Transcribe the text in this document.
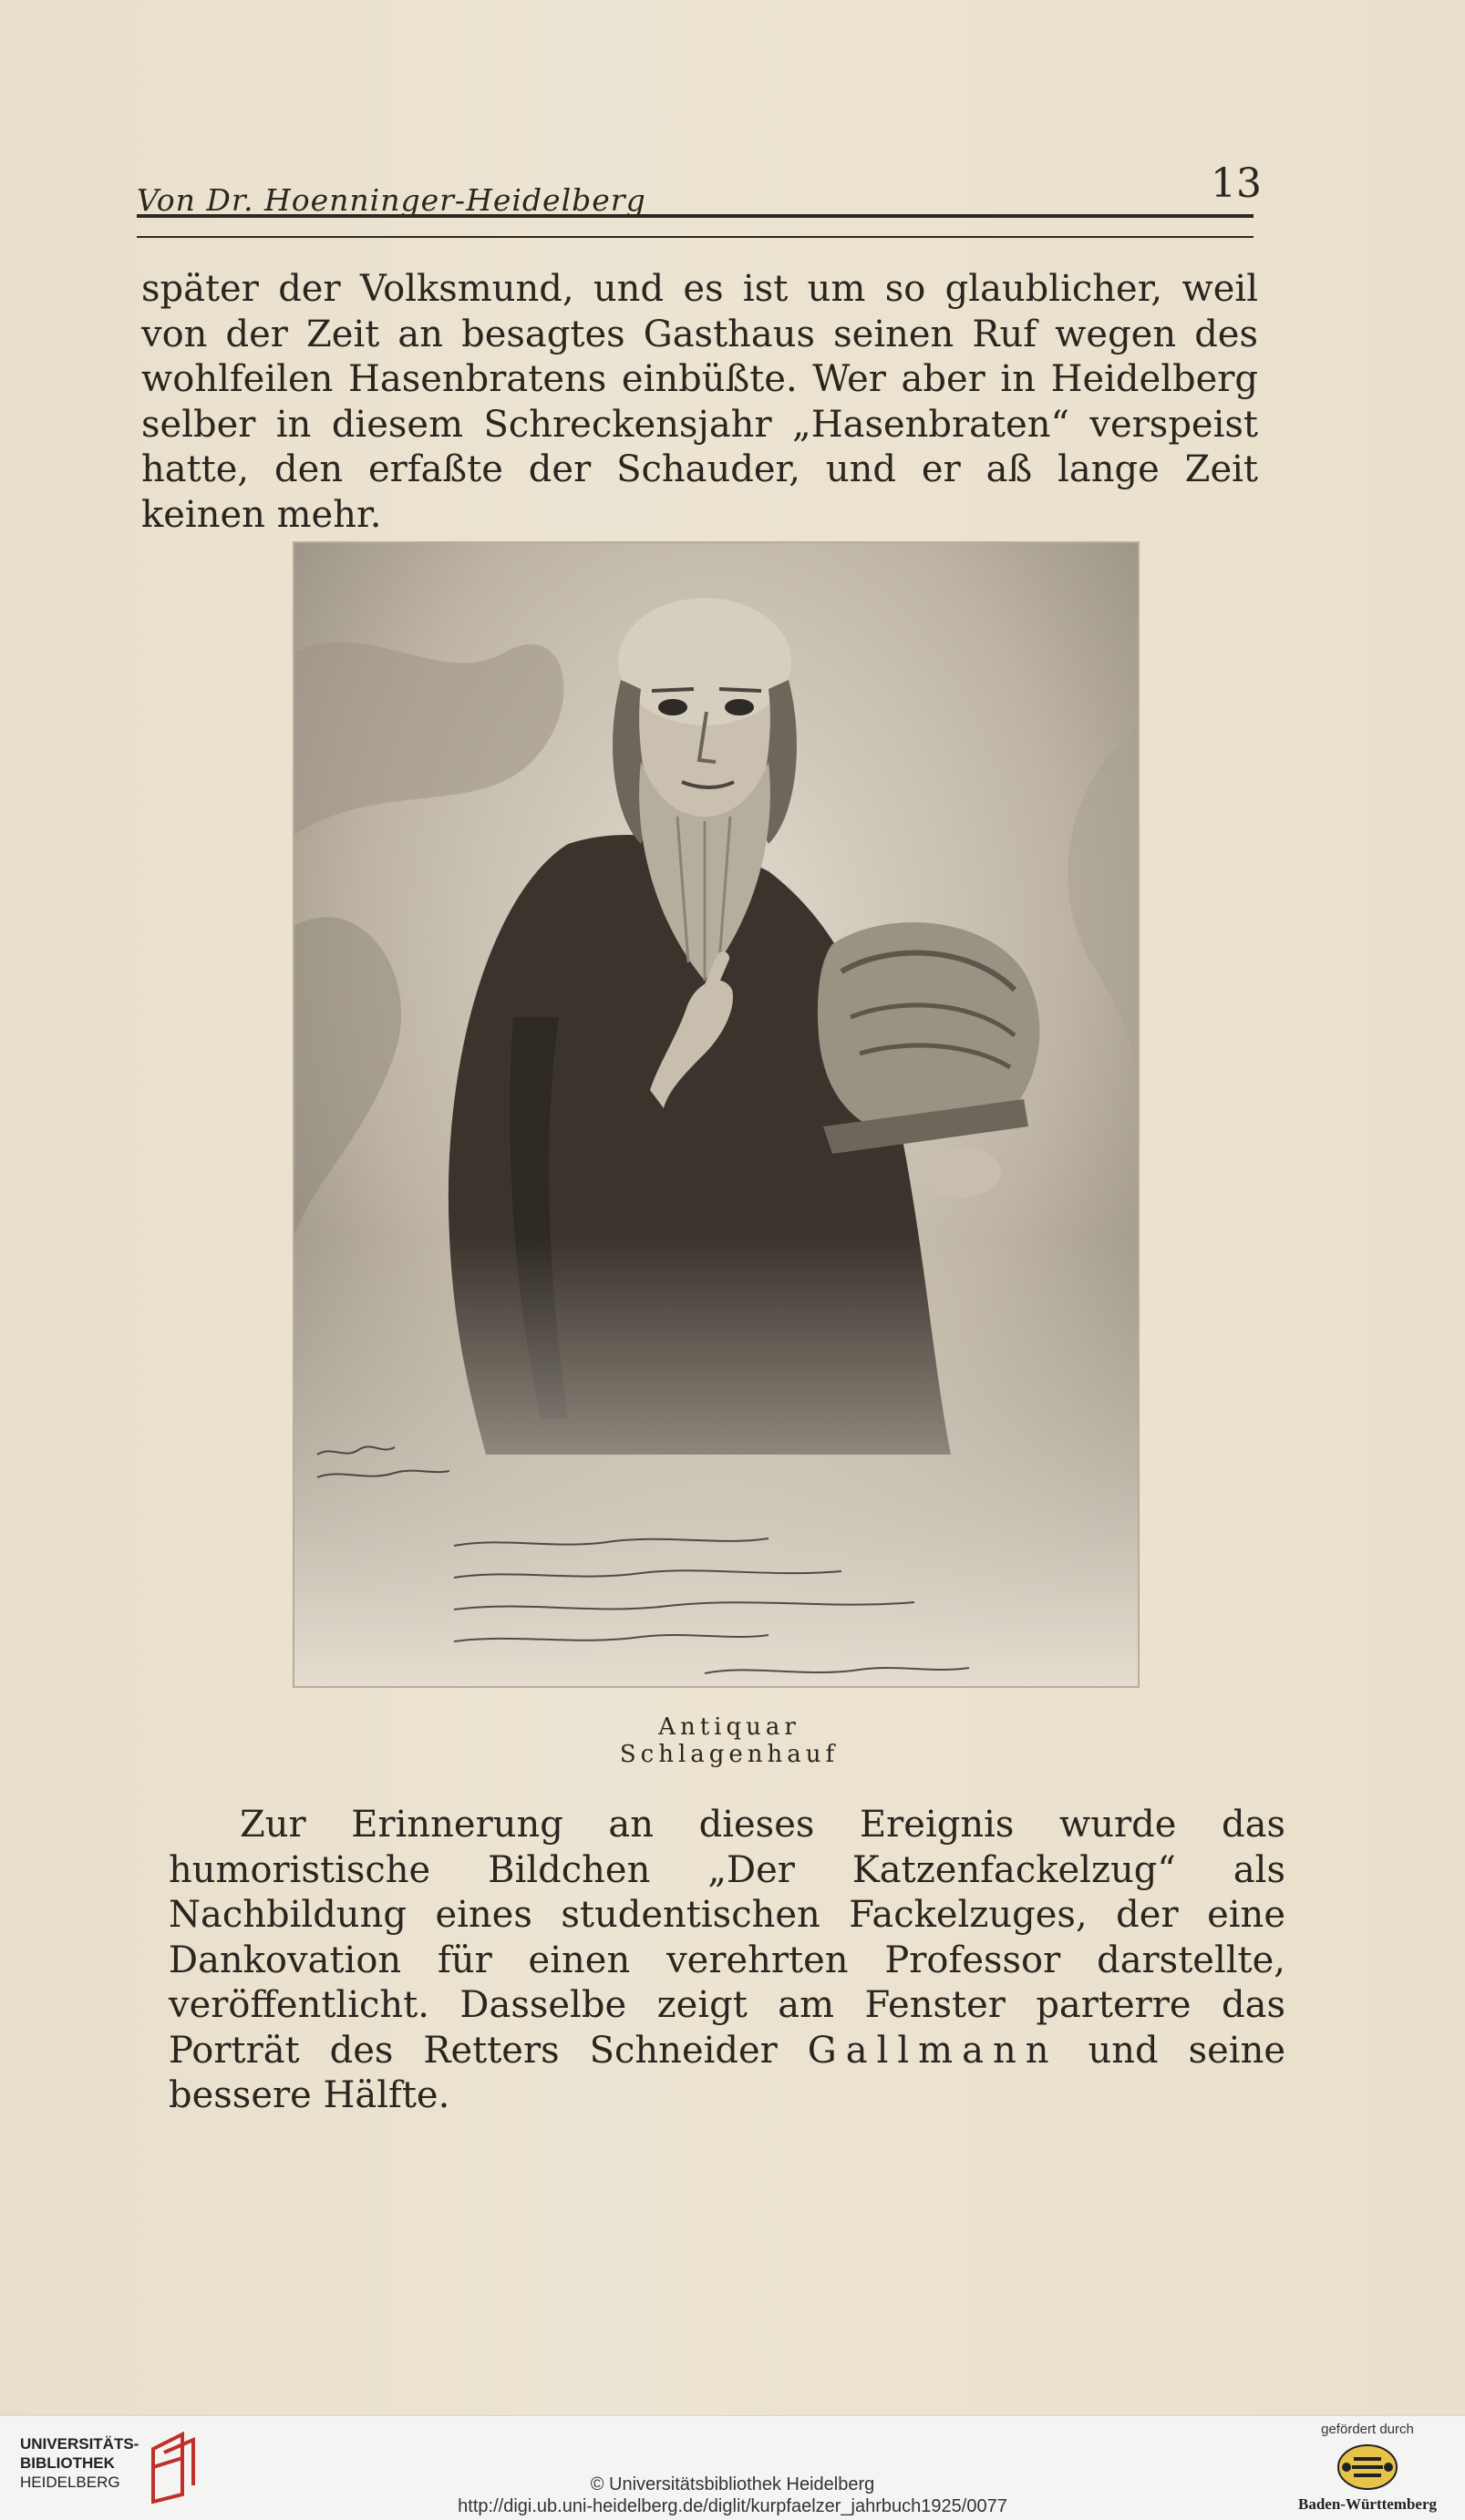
Von Dr. Hoenninger-Heidelberg	13
später der Volksmund, und es ist um so glaublicher, weil von der Zeit an besagtes Gasthaus seinen Ruf wegen des wohlfeilen Hasenbratens einbüßte. Wer aber in Heidelberg selber in diesem Schreckensjahr „Hasenbraten“ verspeist hatte, den erfaßte der Schauder, und er aß lange Zeit keinen mehr.
Antiquar Schlagenhauf
Zur Erinnerung an dieses Ereignis wurde das humoristische Bildchen „Der Katzenfackelzug“ als Nachbildung eines studentischen Fackelzuges, der eine Dankovation für einen verehrten Professor darstellte, veröffentlicht. Dasselbe zeigt am Fenster parterre das Porträt des Retters Schneider Gallmann und seine bessere Hälfte.
UNIVERSITÄTS-
BIBLIOTHEK
HEIDELBERG	© Universitätsbibliothek Heidelberg
http://digi.ub.uni-heidelberg.de/diglit/kurpfaelzer_jahrbuch1925/0077
gefördert durch
Baden-Württemberg
